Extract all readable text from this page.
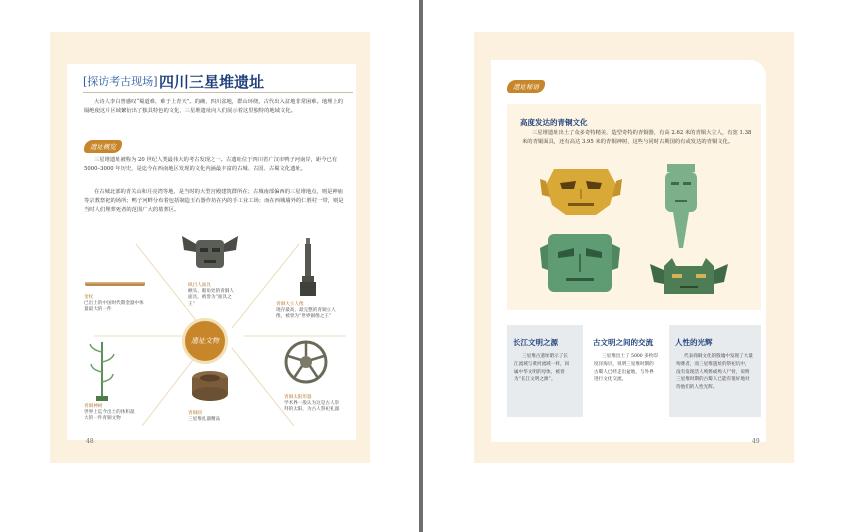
[探访考古现场] 四川三星堆遗址
大诗人李白曾感叹“蜀道难，难于上青天”。的确，四川盆地，群山环绕。古代出入盆地非常困难。地理上的隔绝使这片区域繁衍出了独具特色的文化，三星堆遗址向人们展示着这里独特的地域文化。
遗址概览
三星堆遗址被称为 20 世纪人类最伟大的考古发现之一。古遗址位于四川省广汉市鸭子河南岸，距今已有 5000–3000 年历史，是迄今在西南地区发现的文化内涵最丰富的古城、古国、古蜀文化遗址。
在古城北部的青关山和月亮湾等地，是当时的大型宫殿建筑群所在；古城南部偏西的三星堆地点，则是神庙等宗教祭祀的场所；鸭子河畔分布着包括制造玉石器作坊在内的手工业工场；而在西城墙外的仁胜村一带，则是当时人们埋葬死者的范围广大的墓葬区。
遗址文物
纵目人面具
额头、眼角处的青铜人面具，被誉为“面具之王”
金杖
已出土的中国时代期金器中体量最大的一件
青铜大立人像
现存最高、最完整的青铜立人像，被誉为“世界铜像之王”
青铜神树
世界上迄今出土的体积最大的一件青铜文物
青铜圆
三星堆礼器精品
青铜太阳形器
学术界一般认为这是古人崇拜的太阳，为古人祭祀礼器
48
遗址秘语
高度发达的青铜文化
三星堆遗址出土了众多奇特精美、造型奇特的青铜器，有高 2.62 米的青铜大立人，有宽 1.38 米的青铜面具，还有高达 3.95 米的青铜神树，这些与同时古期国的有或发达的青铜文化。
长江文明之源
三星堆古遗址昭示了长江流域与黄河流域一样，同属中华文明的母体，被誉为“长江文明之源”。
古文明之间的交流
三星堆出土了 5000 多枚印度洋海贝，说明三星堆时期的古蜀人已经走出盆地，与外界进行文化交流。
人性的光辉
代表商铜文化的殷墟中发现了大量殉葬者，而三星堆遗址的祭祀坑中，没有发现活人殉葬或殉人尸骨，说明三星堆时期的古蜀人已能有很好地对待他们的人性光辉。
49
